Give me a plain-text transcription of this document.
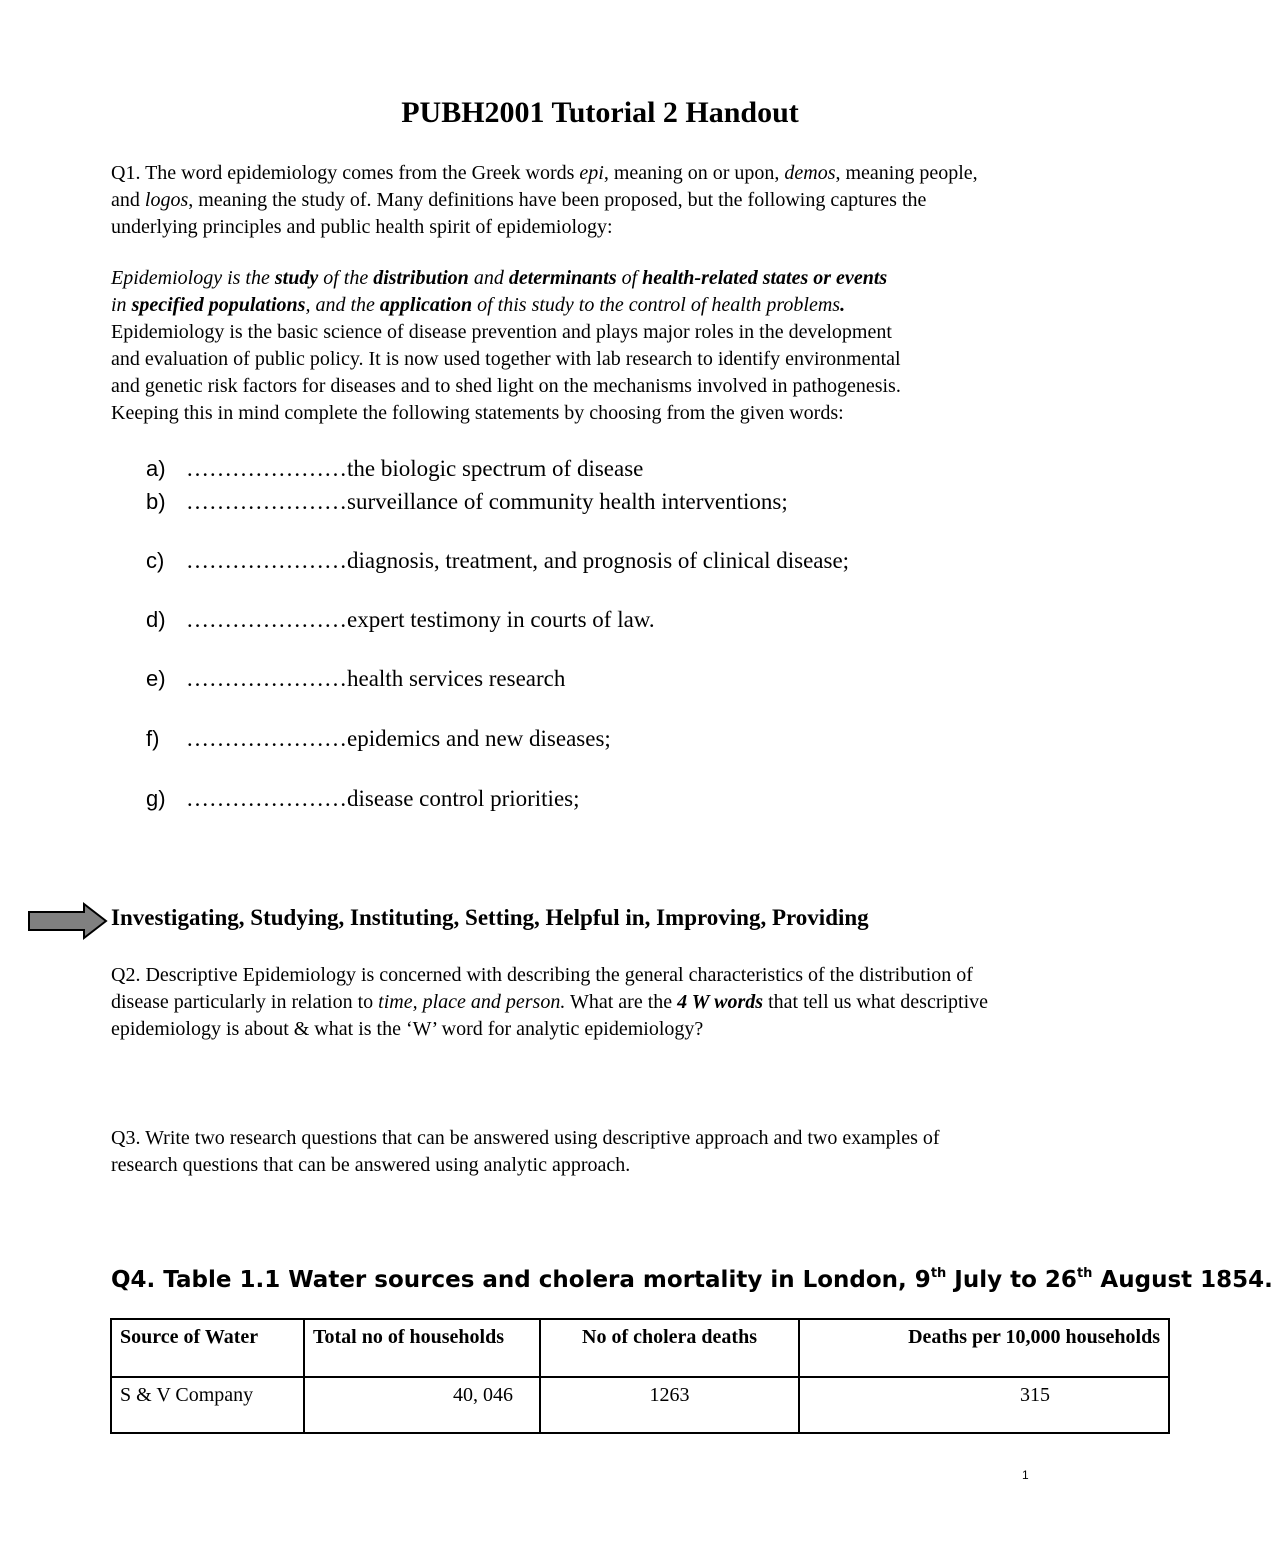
PUBH2001 Tutorial 2 Handout

Q1. The word epidemiology comes from the Greek words epi, meaning on or upon, demos, meaning people,

and logos, meaning the study of. Many definitions have been proposed, but the following captures the

underlying principles and public health spirit of epidemiology:

Epidemiology is the study of the distribution and determinants of health-related states or events

in specified populations, and the application of this study to the control of health problems.

Epidemiology is the basic science of disease prevention and plays major roles in the development

and evaluation of public policy. It is now used together with lab research to identify environmental

and genetic risk factors for diseases and to shed light on the mechanisms involved in pathogenesis.

Keeping this in mind complete the following statements by choosing from the given words:

a) …………………the biologic spectrum of disease
b) …………………surveillance of community health interventions;
c) …………………diagnosis, treatment, and prognosis of clinical disease;
d) …………………expert testimony in courts of law.
e) …………………health services research
f) …………………epidemics and new diseases;
g) …………………disease control priorities;
Investigating, Studying, Instituting, Setting, Helpful in, Improving, Providing

Q2. Descriptive Epidemiology is concerned with describing the general characteristics of the distribution of

disease particularly in relation to time, place and person. What are the 4 W words that tell us what descriptive

epidemiology is about & what is the ‘W’ word for analytic epidemiology?

Q3. Write two research questions that can be answered using descriptive approach and two examples of

research questions that can be answered using analytic approach.

Q4. Table 1.1 Water sources and cholera mortality in London, 9th July to 26th August 1854.
Source of Water	Total no of households	No of cholera deaths	Deaths per 10,000 households
S & V Company	40, 046	1263	315
1
